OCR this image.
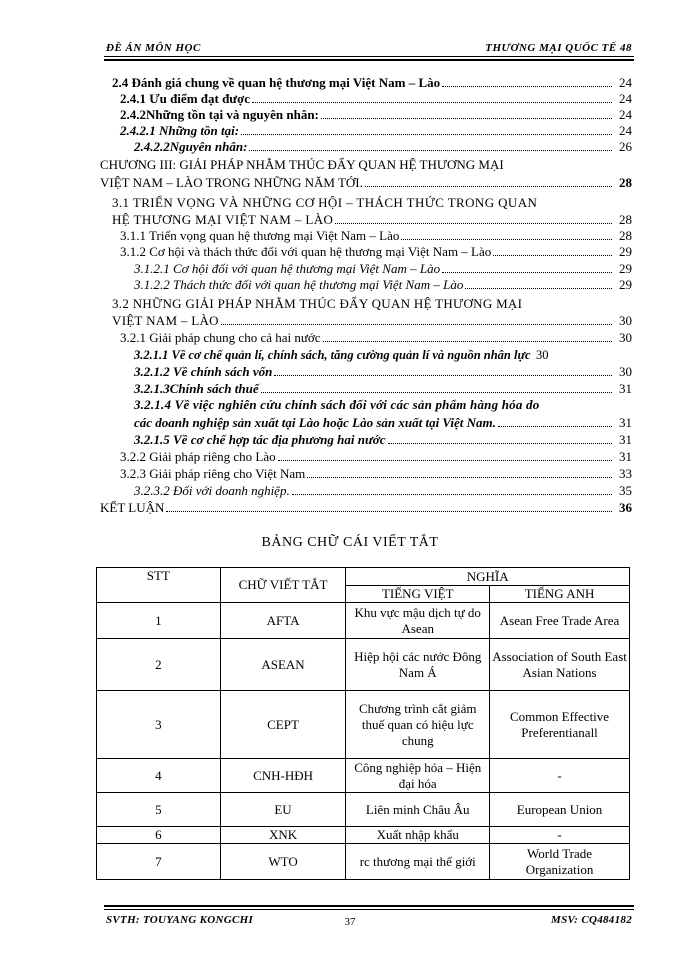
ĐỀ ÁN MÔN HỌC	THƯƠNG MẠI QUỐC TẾ 48
2.4 Đánh giá chung về quan hệ thương mại Việt Nam – Lào	24
2.4.1 Ưu điểm đạt được	24
2.4.2Những tồn tại và nguyên nhân:	24
2.4.2.1 Những tồn tại:	24
2.4.2.2Nguyên nhân:	26
CHƯƠNG III: GIẢI PHÁP NHẰM THÚC ĐẨY QUAN HỆ THƯƠNG MẠI
VIỆT NAM – LÀO TRONG NHỮNG NĂM TỚI.	28
3.1 TRIỂN VỌNG VÀ NHỮNG CƠ HỘI – THÁCH THỨC TRONG QUAN
HỆ THƯƠNG MẠI VIỆT NAM – LÀO	28
3.1.1 Triển vọng quan hệ thương mại Việt Nam – Lào	28
3.1.2 Cơ hội và thách thức đối với quan hệ thương mại Việt Nam – Lào	29
3.1.2.1 Cơ hội đối với quan hệ thương mại Việt Nam – Lào	29
3.1.2.2 Thách thức đối với quan hệ thương mại Việt Nam – Lào	29
3.2 NHỮNG GIẢI PHÁP NHẰM THÚC ĐẨY QUAN HỆ THƯƠNG MẠI
VIỆT NAM – LÀO	30
3.2.1 Giải pháp chung cho cả hai nước	30
3.2.1.1 Về cơ chế quản lí, chính sách, tăng cường quản lí và nguồn nhân lực 30
3.2.1.2 Về chính sách vốn	30
3.2.1.3Chính sách thuế	31
3.2.1.4 Về việc nghiên cứu chính sách đối với các sản phẩm hàng hóa do
các doanh nghiệp sản xuất tại Lào hoặc Lào sản xuất tại Việt Nam.	31
3.2.1.5 Về cơ chế hợp tác địa phương hai nước	31
3.2.2 Giải pháp riêng cho Lào	31
3.2.3 Giải pháp riêng cho Việt Nam	33
3.2.3.2 Đối với doanh nghiệp.	35
KẾT LUẬN	36
BẢNG CHỮ CÁI VIẾT TẮT
STT	CHỮ VIẾT TẮT	NGHĨA	
		TIẾNG VIỆT	TIẾNG ANH
1	AFTA	Khu vực mậu dịch tự do Asean	Asean Free Trade Area
2	ASEAN	Hiệp hội các nước Đông Nam Á	Association of South East Asian Nations
3	CEPT	Chương trình cắt giảm thuế quan có hiệu lực chung	Common Effective Preferentianall
4	CNH-HĐH	Công nghiệp hóa – Hiện đại hóa	-
5	EU	Liên minh Châu Âu	European Union
6	XNK	Xuất nhập khẩu	-
7	WTO	rc thương mại thế giới	World Trade Organization
SVTH: TOUYANG KONGCHI	37	MSV: CQ484182
